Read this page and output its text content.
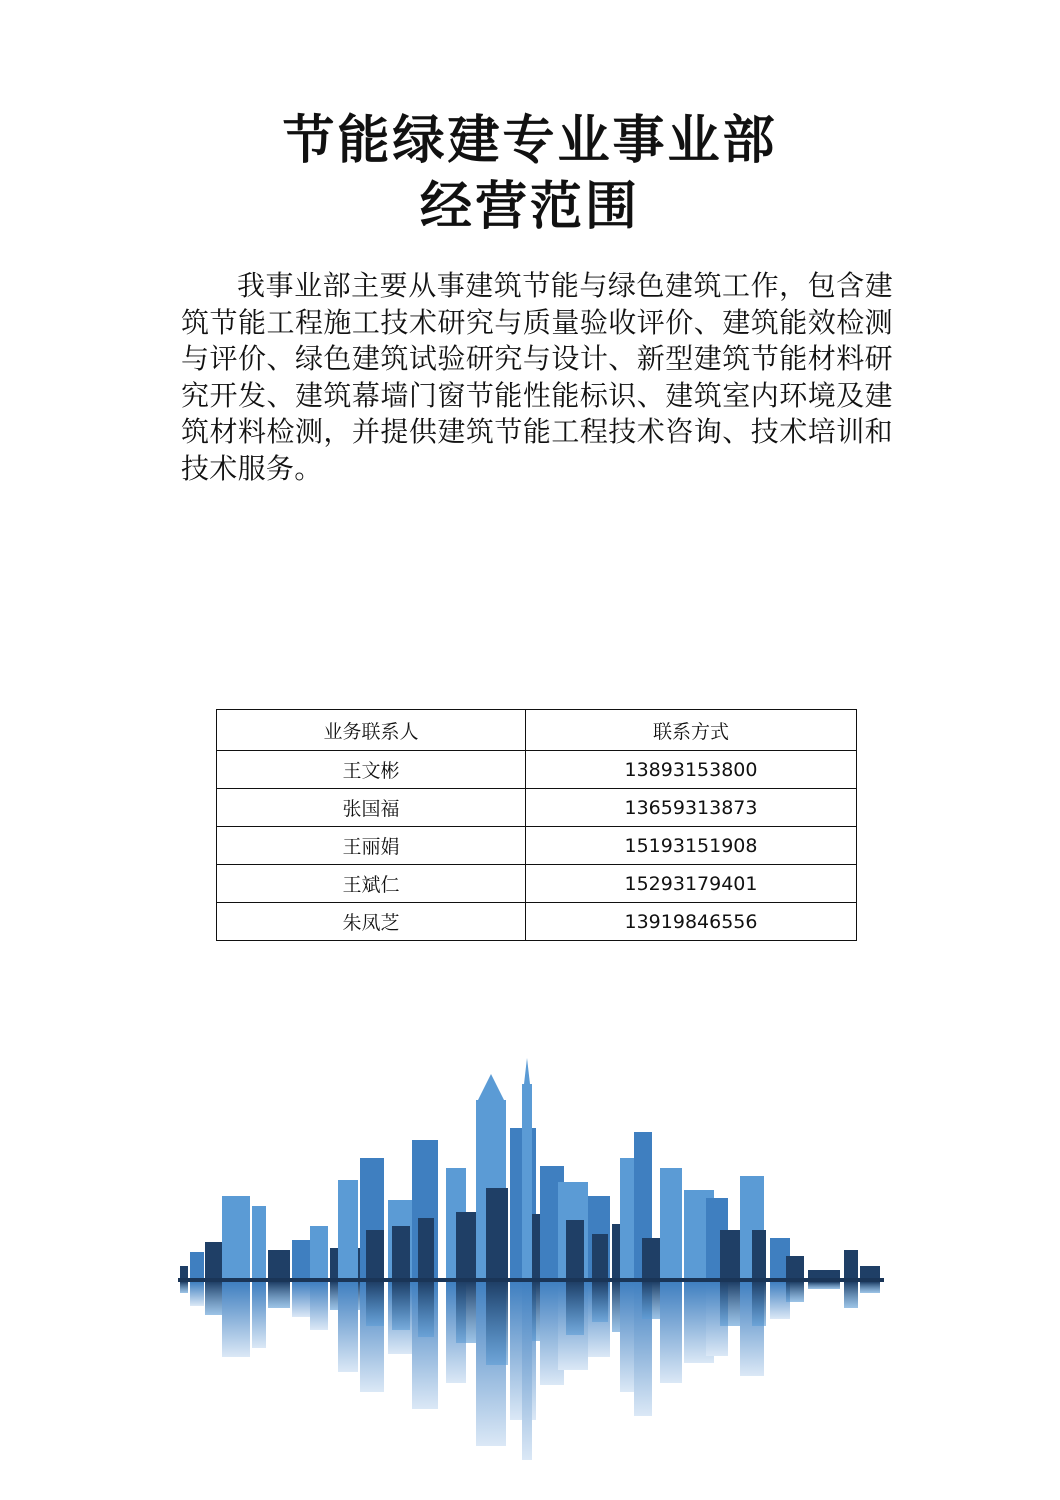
节能绿建专业事业部
经营范围

我事业部主要从事建筑节能与绿色建筑工作，包含建筑节能工程施工技术研究与质量验收评价、建筑能效检测与评价、绿色建筑试验研究与设计、新型建筑节能材料研究开发、建筑幕墙门窗节能性能标识、建筑室内环境及建筑材料检测，并提供建筑节能工程技术咨询、技术培训和技术服务。

业务联系人	联系方式
王文彬	13893153800
张国福	13659313873
王丽娟	15193151908
王斌仁	15293179401
朱凤芝	13919846556
